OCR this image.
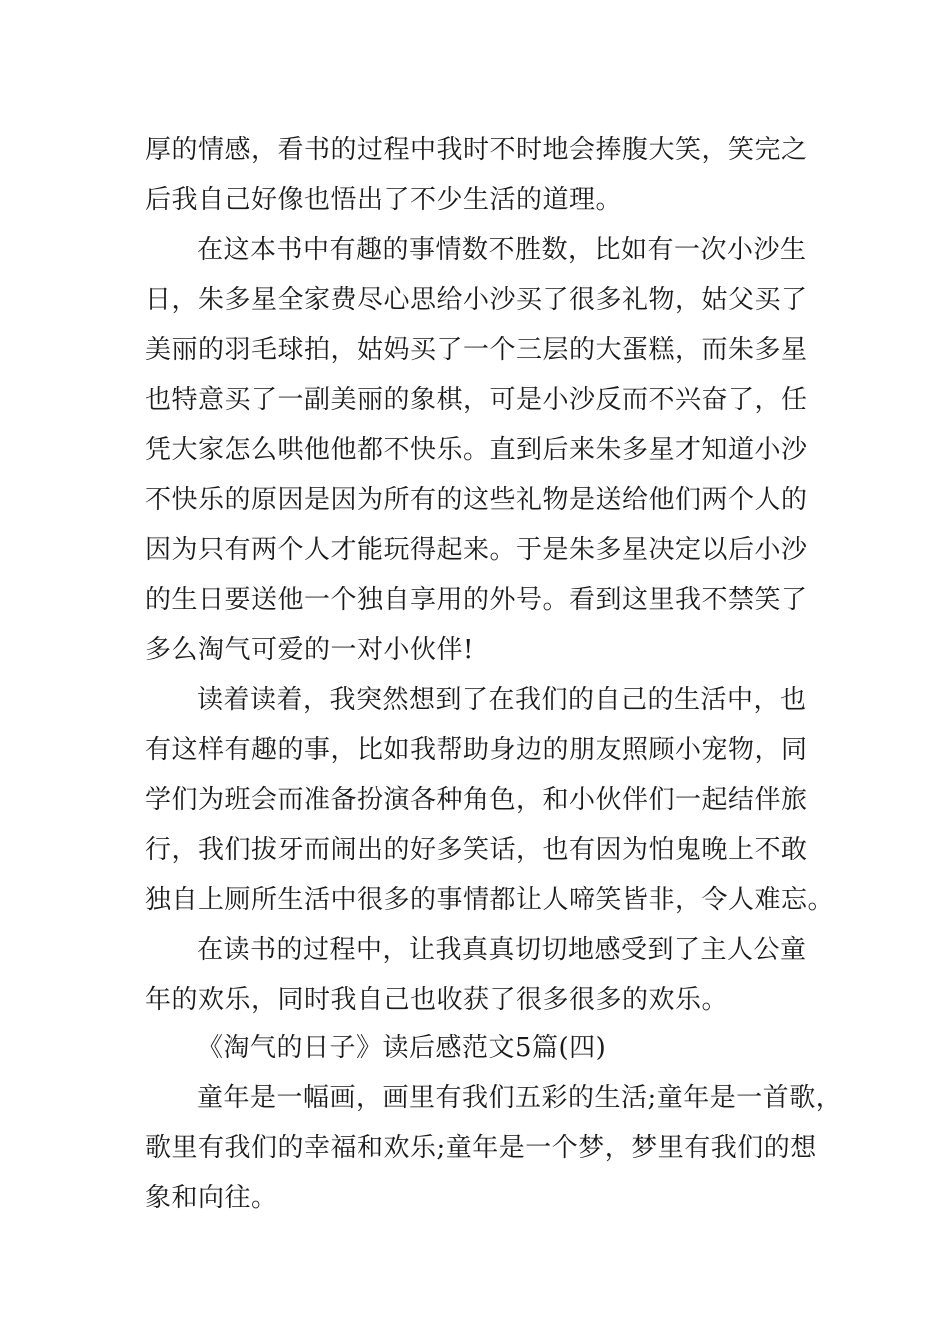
厚的情感，看书的过程中我时不时地会捧腹大笑，笑完之
后我自己好像也悟出了不少生活的道理。
在这本书中有趣的事情数不胜数，比如有一次小沙生
日，朱多星全家费尽心思给小沙买了很多礼物，姑父买了
美丽的羽毛球拍，姑妈买了一个三层的大蛋糕，而朱多星
也特意买了一副美丽的象棋，可是小沙反而不兴奋了，任
凭大家怎么哄他他都不快乐。直到后来朱多星才知道小沙
不快乐的原因是因为所有的这些礼物是送给他们两个人的
因为只有两个人才能玩得起来。于是朱多星决定以后小沙
的生日要送他一个独自享用的外号。看到这里我不禁笑了
多么淘气可爱的一对小伙伴!
读着读着，我突然想到了在我们的自己的生活中，也
有这样有趣的事，比如我帮助身边的朋友照顾小宠物，同
学们为班会而准备扮演各种角色，和小伙伴们一起结伴旅
行，我们拔牙而闹出的好多笑话，也有因为怕鬼晚上不敢
独自上厕所生活中很多的事情都让人啼笑皆非，令人难忘。
在读书的过程中，让我真真切切地感受到了主人公童
年的欢乐，同时我自己也收获了很多很多的欢乐。
《淘气的日子》读后感范文5篇(四)
童年是一幅画，画里有我们五彩的生活;童年是一首歌，
歌里有我们的幸福和欢乐;童年是一个梦，梦里有我们的想
象和向往。
